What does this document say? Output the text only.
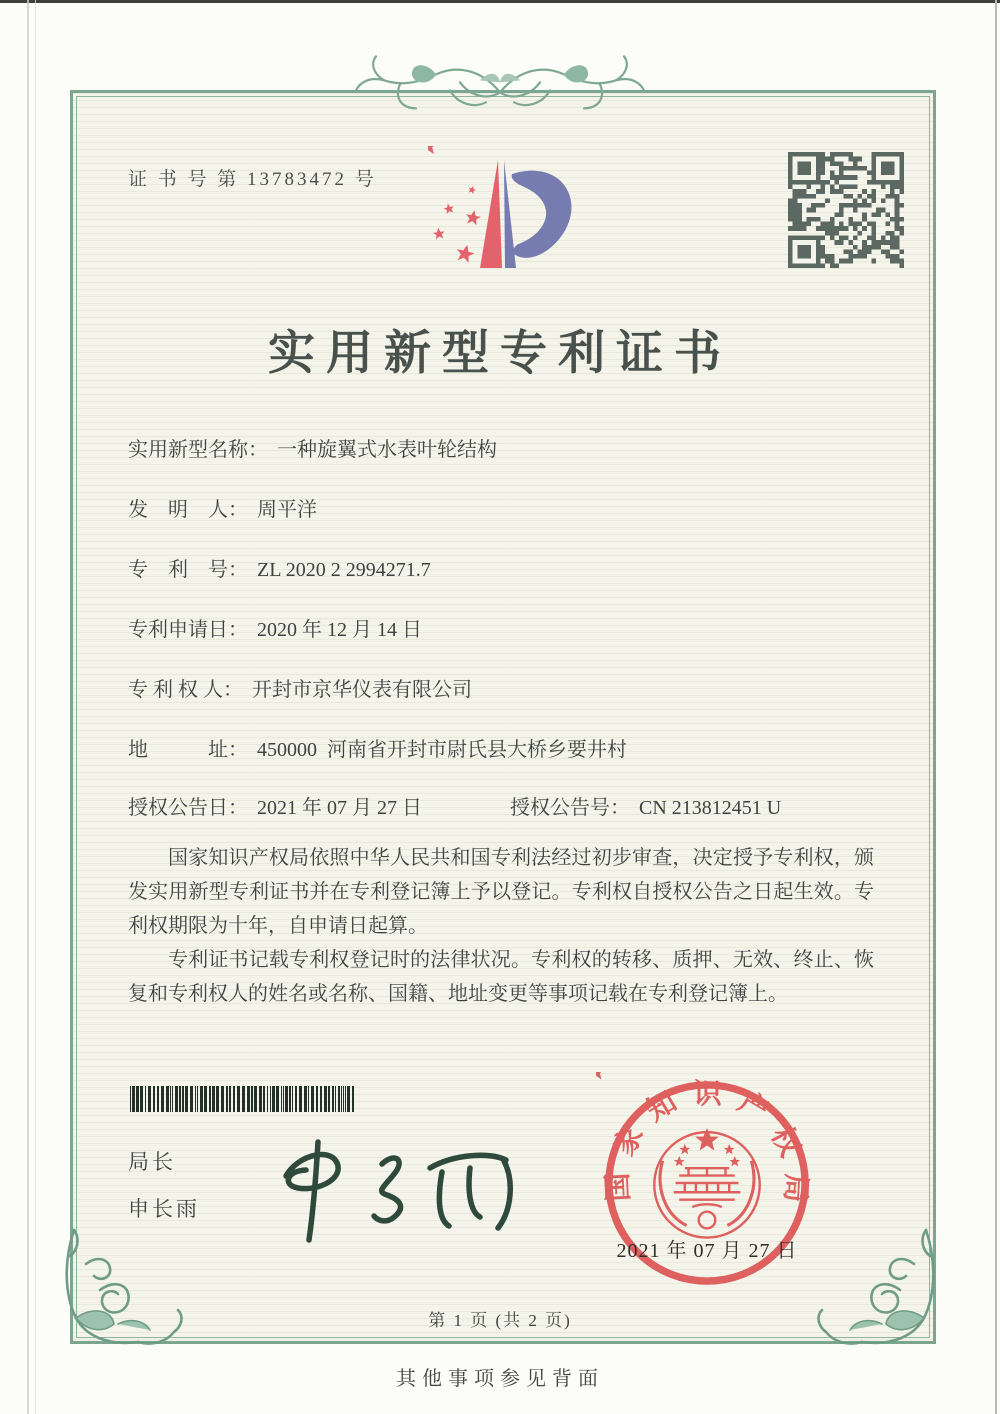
证 书 号 第 13783472 号
实用新型专利证书
实用新型名称： 一种旋翼式水表叶轮结构
发　明　人： 周平洋
专　利　号： ZL 2020 2 2994271.7
专利申请日： 2020 年 12 月 14 日
专 利 权 人： 开封市京华仪表有限公司
地　　　址： 450000  河南省开封市尉氏县大桥乡要井村
授权公告日： 2021 年 07 月 27 日	授权公告号： CN 213812451 U

国家知识产权局依照中华人民共和国专利法经过初步审查，决定授予专利权，颁发实用新型专利证书并在专利登记簿上予以登记。专利权自授权公告之日起生效。专利权期限为十年，自申请日起算。

专利证书记载专利权登记时的法律状况。专利权的转移、质押、无效、终止、恢复和专利权人的姓名或名称、国籍、地址变更等事项记载在专利登记簿上。

局长
申长雨
国家知识产权局
2021 年 07 月 27 日
第 1 页 (共 2 页)
其他事项参见背面
